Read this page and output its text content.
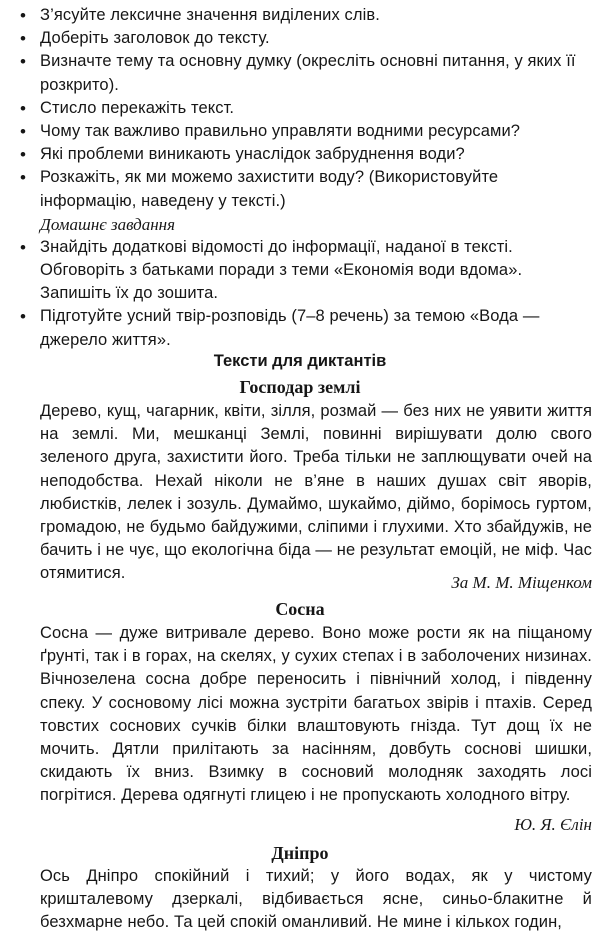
• З’ясуйте лексичне значення виділених слів.
• Доберіть заголовок до тексту.
• Визначте тему та основну думку (окресліть основні питання, у яких її розкрито).
• Стисло перекажіть текст.
• Чому так важливо правильно управляти водними ресурсами?
• Які проблеми виникають унаслідок забруднення води?
• Розкажіть, як ми можемо захистити воду? (Використовуйте інформацію, наведену у тексті.)
Домашнє завдання
• Знайдіть додаткові відомості до інформації, наданої в тексті. Обговоріть з батьками поради з теми «Економія води вдома». Запишіть їх до зошита.
• Підготуйте усний твір-розповідь (7–8 речень) за темою «Вода — джерело життя».
Тексти для диктантів
Господар землі
Дерево, кущ, чагарник, квіти, зілля, розмай — без них не уявити життя на землі. Ми, мешканці Землі, повинні вирішувати долю свого зеленого друга, захистити його. Треба тільки не заплющувати очей на неподобства. Нехай ніколи не в’яне в наших душах світ яворів, любистків, лелек і зозуль. Думаймо, шукаймо, діймо, борімось гуртом, громадою, не будьмо байдужими, сліпими і глухими. Хто збайдужів, не бачить і не чує, що екологічна біда — не результат емоцій, не міф. Час отямитися.	За М. М. Міщенком
Сосна
Сосна — дуже витривале дерево. Воно може рости як на піщаному ґрунті, так і в горах, на скелях, у сухих степах і в заболочених низинах. Вічнозелена сосна добре переносить і північний холод, і південну спеку. У сосновому лісі можна зустріти багатьох звірів і птахів. Серед товстих соснових сучків білки влаштовують гнізда. Тут дощ їх не мочить. Дятли прилітають за насінням, довбуть соснові шишки, скидають їх вниз. Взимку в сосновий молодняк заходять лосі погрітися. Дерева одягнуті глицею і не пропускають холодного вітру.
Ю. Я. Єлін
Дніпро
Ось Дніпро спокійний і тихий; у його водах, як у чистому кришталевому дзеркалі, відбивається ясне, синьо-блакитне й безхмарне небо. Та цей спокій оманливий. Не мине і кількох годин,
